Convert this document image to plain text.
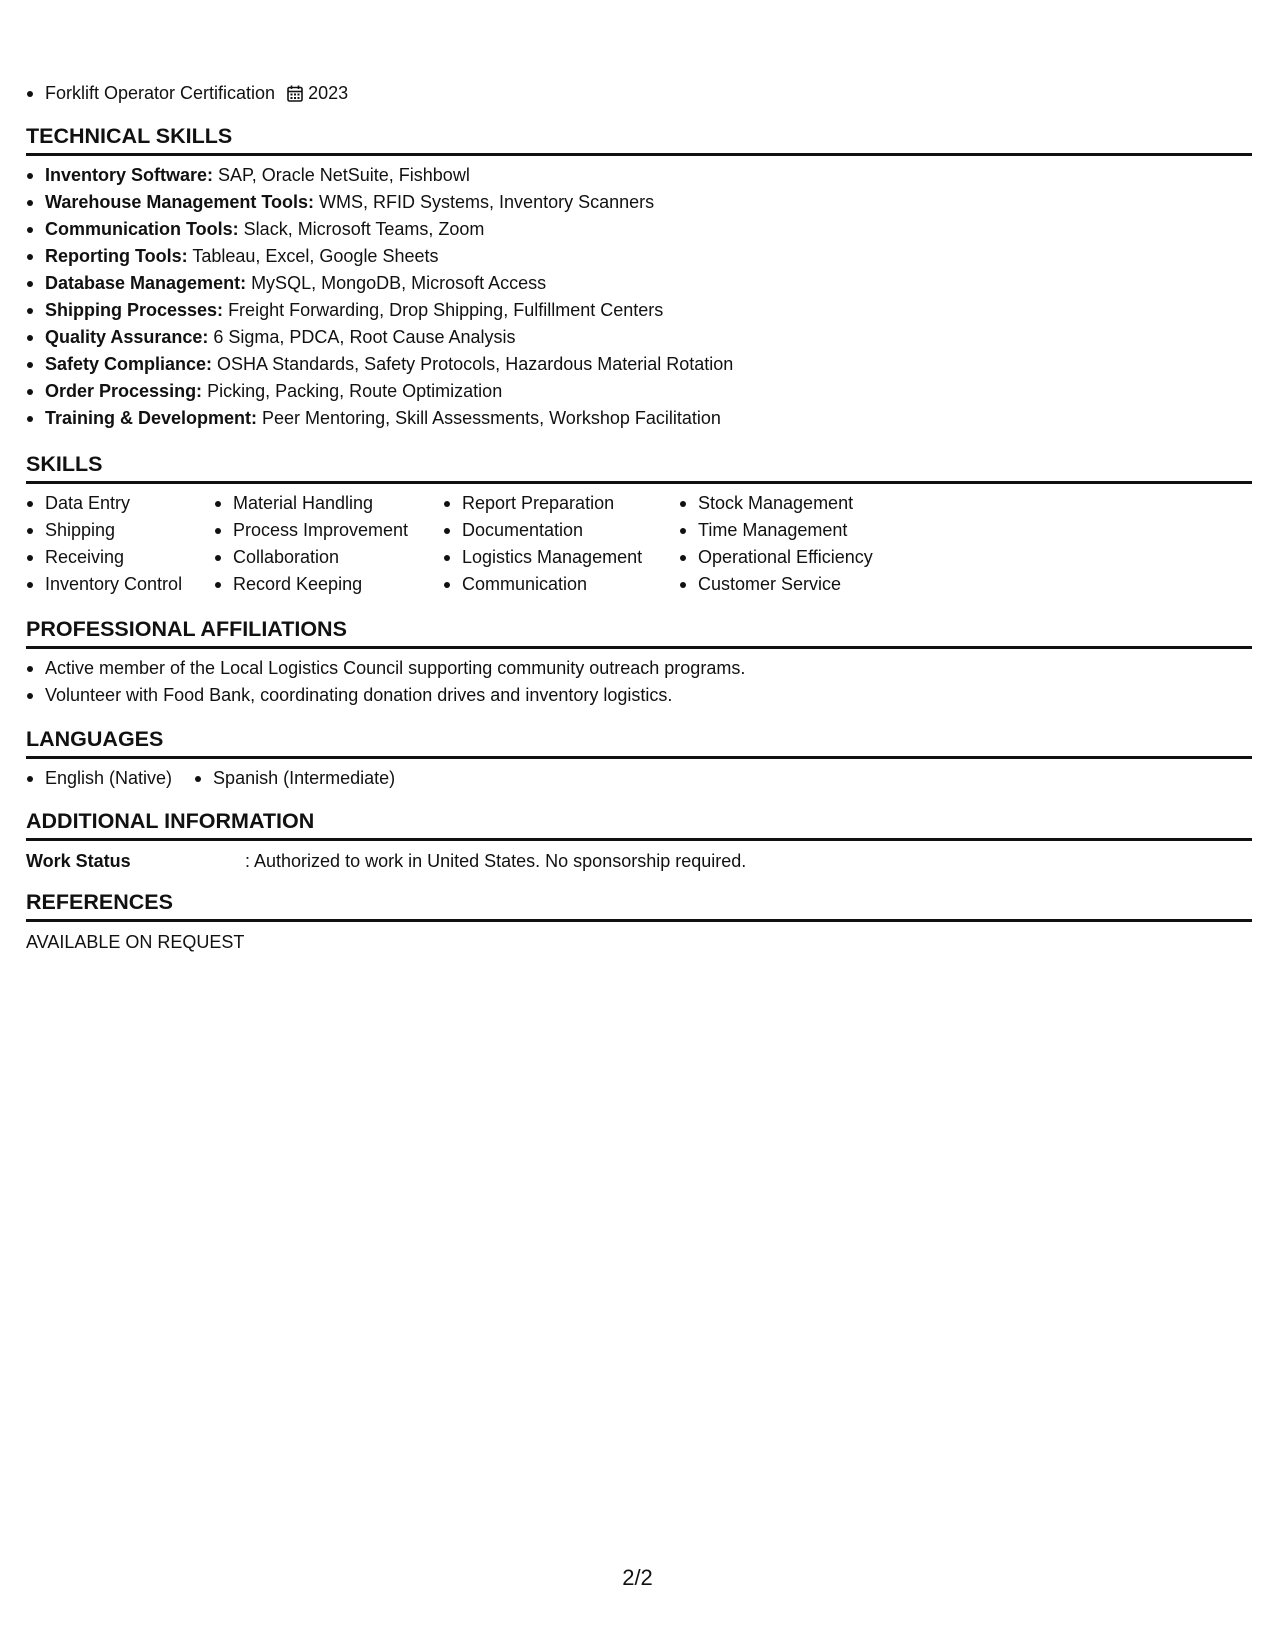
Forklift Operator Certification 2023
TECHNICAL SKILLS
Inventory Software: SAP, Oracle NetSuite, Fishbowl
Warehouse Management Tools: WMS, RFID Systems, Inventory Scanners
Communication Tools: Slack, Microsoft Teams, Zoom
Reporting Tools: Tableau, Excel, Google Sheets
Database Management: MySQL, MongoDB, Microsoft Access
Shipping Processes: Freight Forwarding, Drop Shipping, Fulfillment Centers
Quality Assurance: 6 Sigma, PDCA, Root Cause Analysis
Safety Compliance: OSHA Standards, Safety Protocols, Hazardous Material Rotation
Order Processing: Picking, Packing, Route Optimization
Training & Development: Peer Mentoring, Skill Assessments, Workshop Facilitation
SKILLS
Data Entry
Shipping
Receiving
Inventory Control
Material Handling
Process Improvement
Collaboration
Record Keeping
Report Preparation
Documentation
Logistics Management
Communication
Stock Management
Time Management
Operational Efficiency
Customer Service
PROFESSIONAL AFFILIATIONS
Active member of the Local Logistics Council supporting community outreach programs.
Volunteer with Food Bank, coordinating donation drives and inventory logistics.
LANGUAGES
English (Native)	Spanish (Intermediate)
ADDITIONAL INFORMATION
Work Status	: Authorized to work in United States. No sponsorship required.
REFERENCES
AVAILABLE ON REQUEST
2/2
